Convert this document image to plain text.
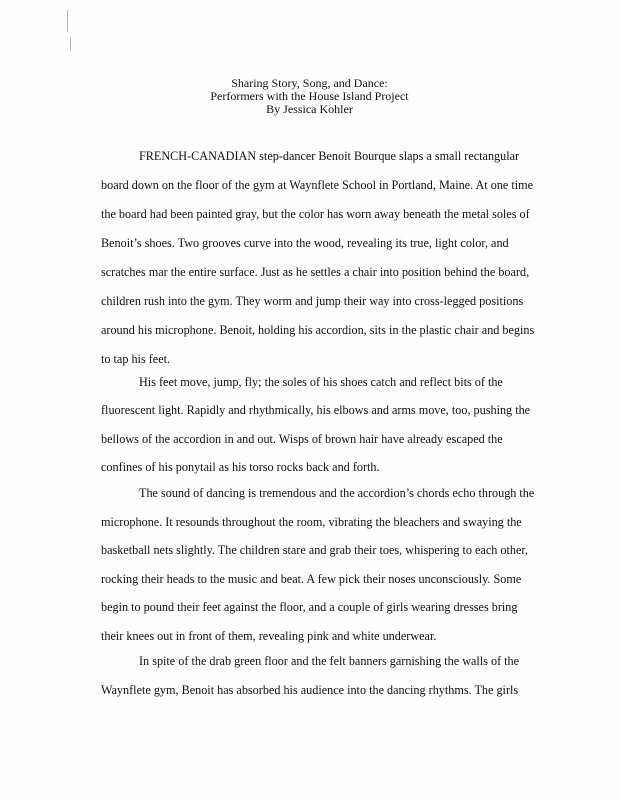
Sharing Story, Song, and Dance:
Performers with the House Island Project
By Jessica Kohler
FRENCH-CANADIAN step-dancer Benoit Bourque slaps a small rectangular
board down on the floor of the gym at Waynflete School in Portland, Maine. At one time
the board had been painted gray, but the color has worn away beneath the metal soles of
Benoit’s shoes. Two grooves curve into the wood, revealing its true, light color, and
scratches mar the entire surface. Just as he settles a chair into position behind the board,
children rush into the gym. They worm and jump their way into cross-legged positions
around his microphone. Benoit, holding his accordion, sits in the plastic chair and begins
to tap his feet.
His feet move, jump, fly; the soles of his shoes catch and reflect bits of the
fluorescent light. Rapidly and rhythmically, his elbows and arms move, too, pushing the
bellows of the accordion in and out. Wisps of brown hair have already escaped the
confines of his ponytail as his torso rocks back and forth.
The sound of dancing is tremendous and the accordion’s chords echo through the
microphone. It resounds throughout the room, vibrating the bleachers and swaying the
basketball nets slightly. The children stare and grab their toes, whispering to each other,
rocking their heads to the music and beat. A few pick their noses unconsciously. Some
begin to pound their feet against the floor, and a couple of girls wearing dresses bring
their knees out in front of them, revealing pink and white underwear.
In spite of the drab green floor and the felt banners garnishing the walls of the
Waynflete gym, Benoit has absorbed his audience into the dancing rhythms. The girls
